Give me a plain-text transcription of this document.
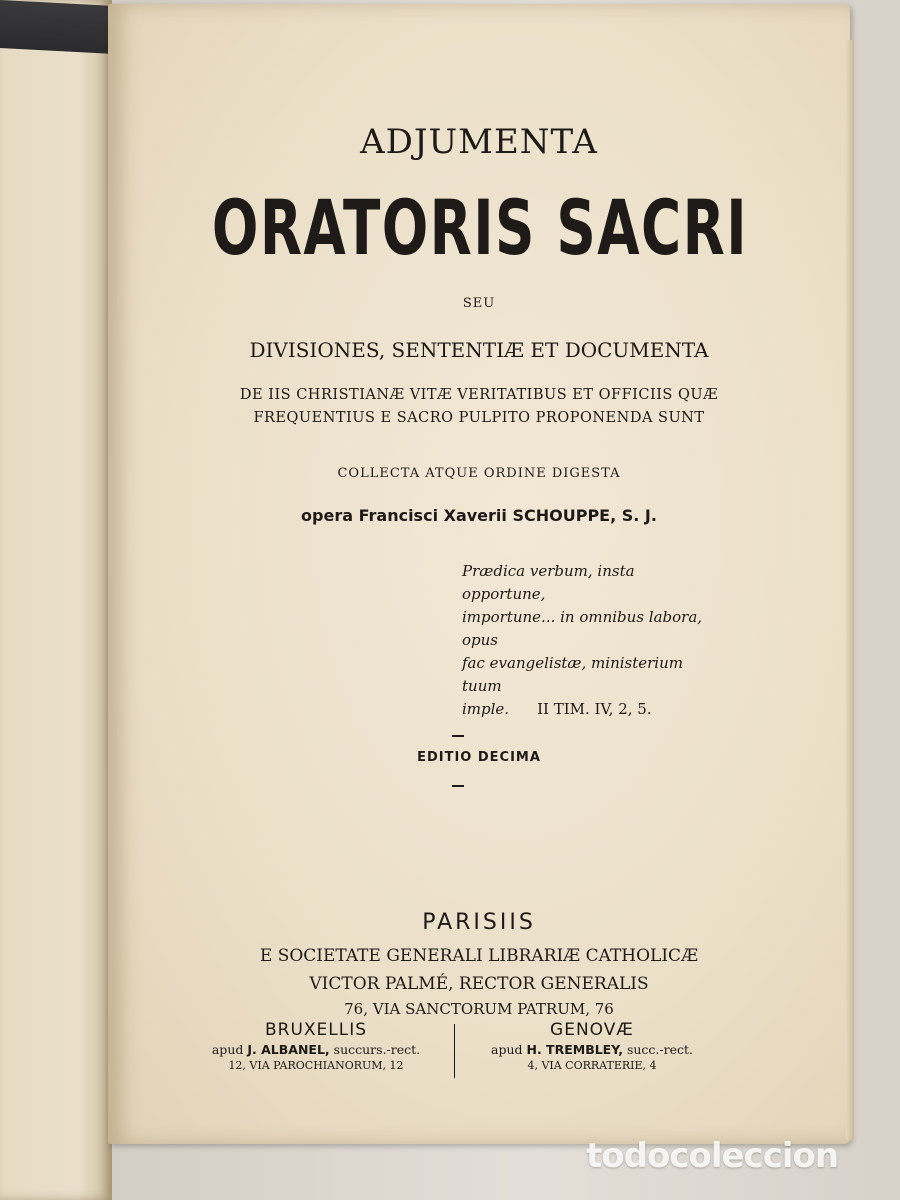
ADJUMENTA

ORATORIS SACRI

SEU

DIVISIONES, SENTENTIÆ ET DOCUMENTA

DE IIS CHRISTIANÆ VITÆ VERITATIBUS ET OFFICIIS QUÆ
FREQUENTIUS E SACRO PULPITO PROPONENDA SUNT

COLLECTA ATQUE ORDINE DIGESTA

opera Francisci Xaverii SCHOUPPE, S. J.

Prædica verbum, insta opportune,
importune... in omnibus labora, opus
fac evangelistæ, ministerium tuum
imple. II TIM. IV, 2, 5.

EDITIO DECIMA

PARISIIS

E SOCIETATE GENERALI LIBRARIÆ CATHOLICÆ

VICTOR PALMÉ, RECTOR GENERALIS

76, VIA SANCTORUM PATRUM, 76

BRUXELLIS
apud J. ALBANEL, succurs.-rect.
12, VIA PAROCHIANORUM, 12
GENOVÆ
apud H. TREMBLEY, succ.-rect.
4, VIA CORRATERIE, 4
todocoleccion
